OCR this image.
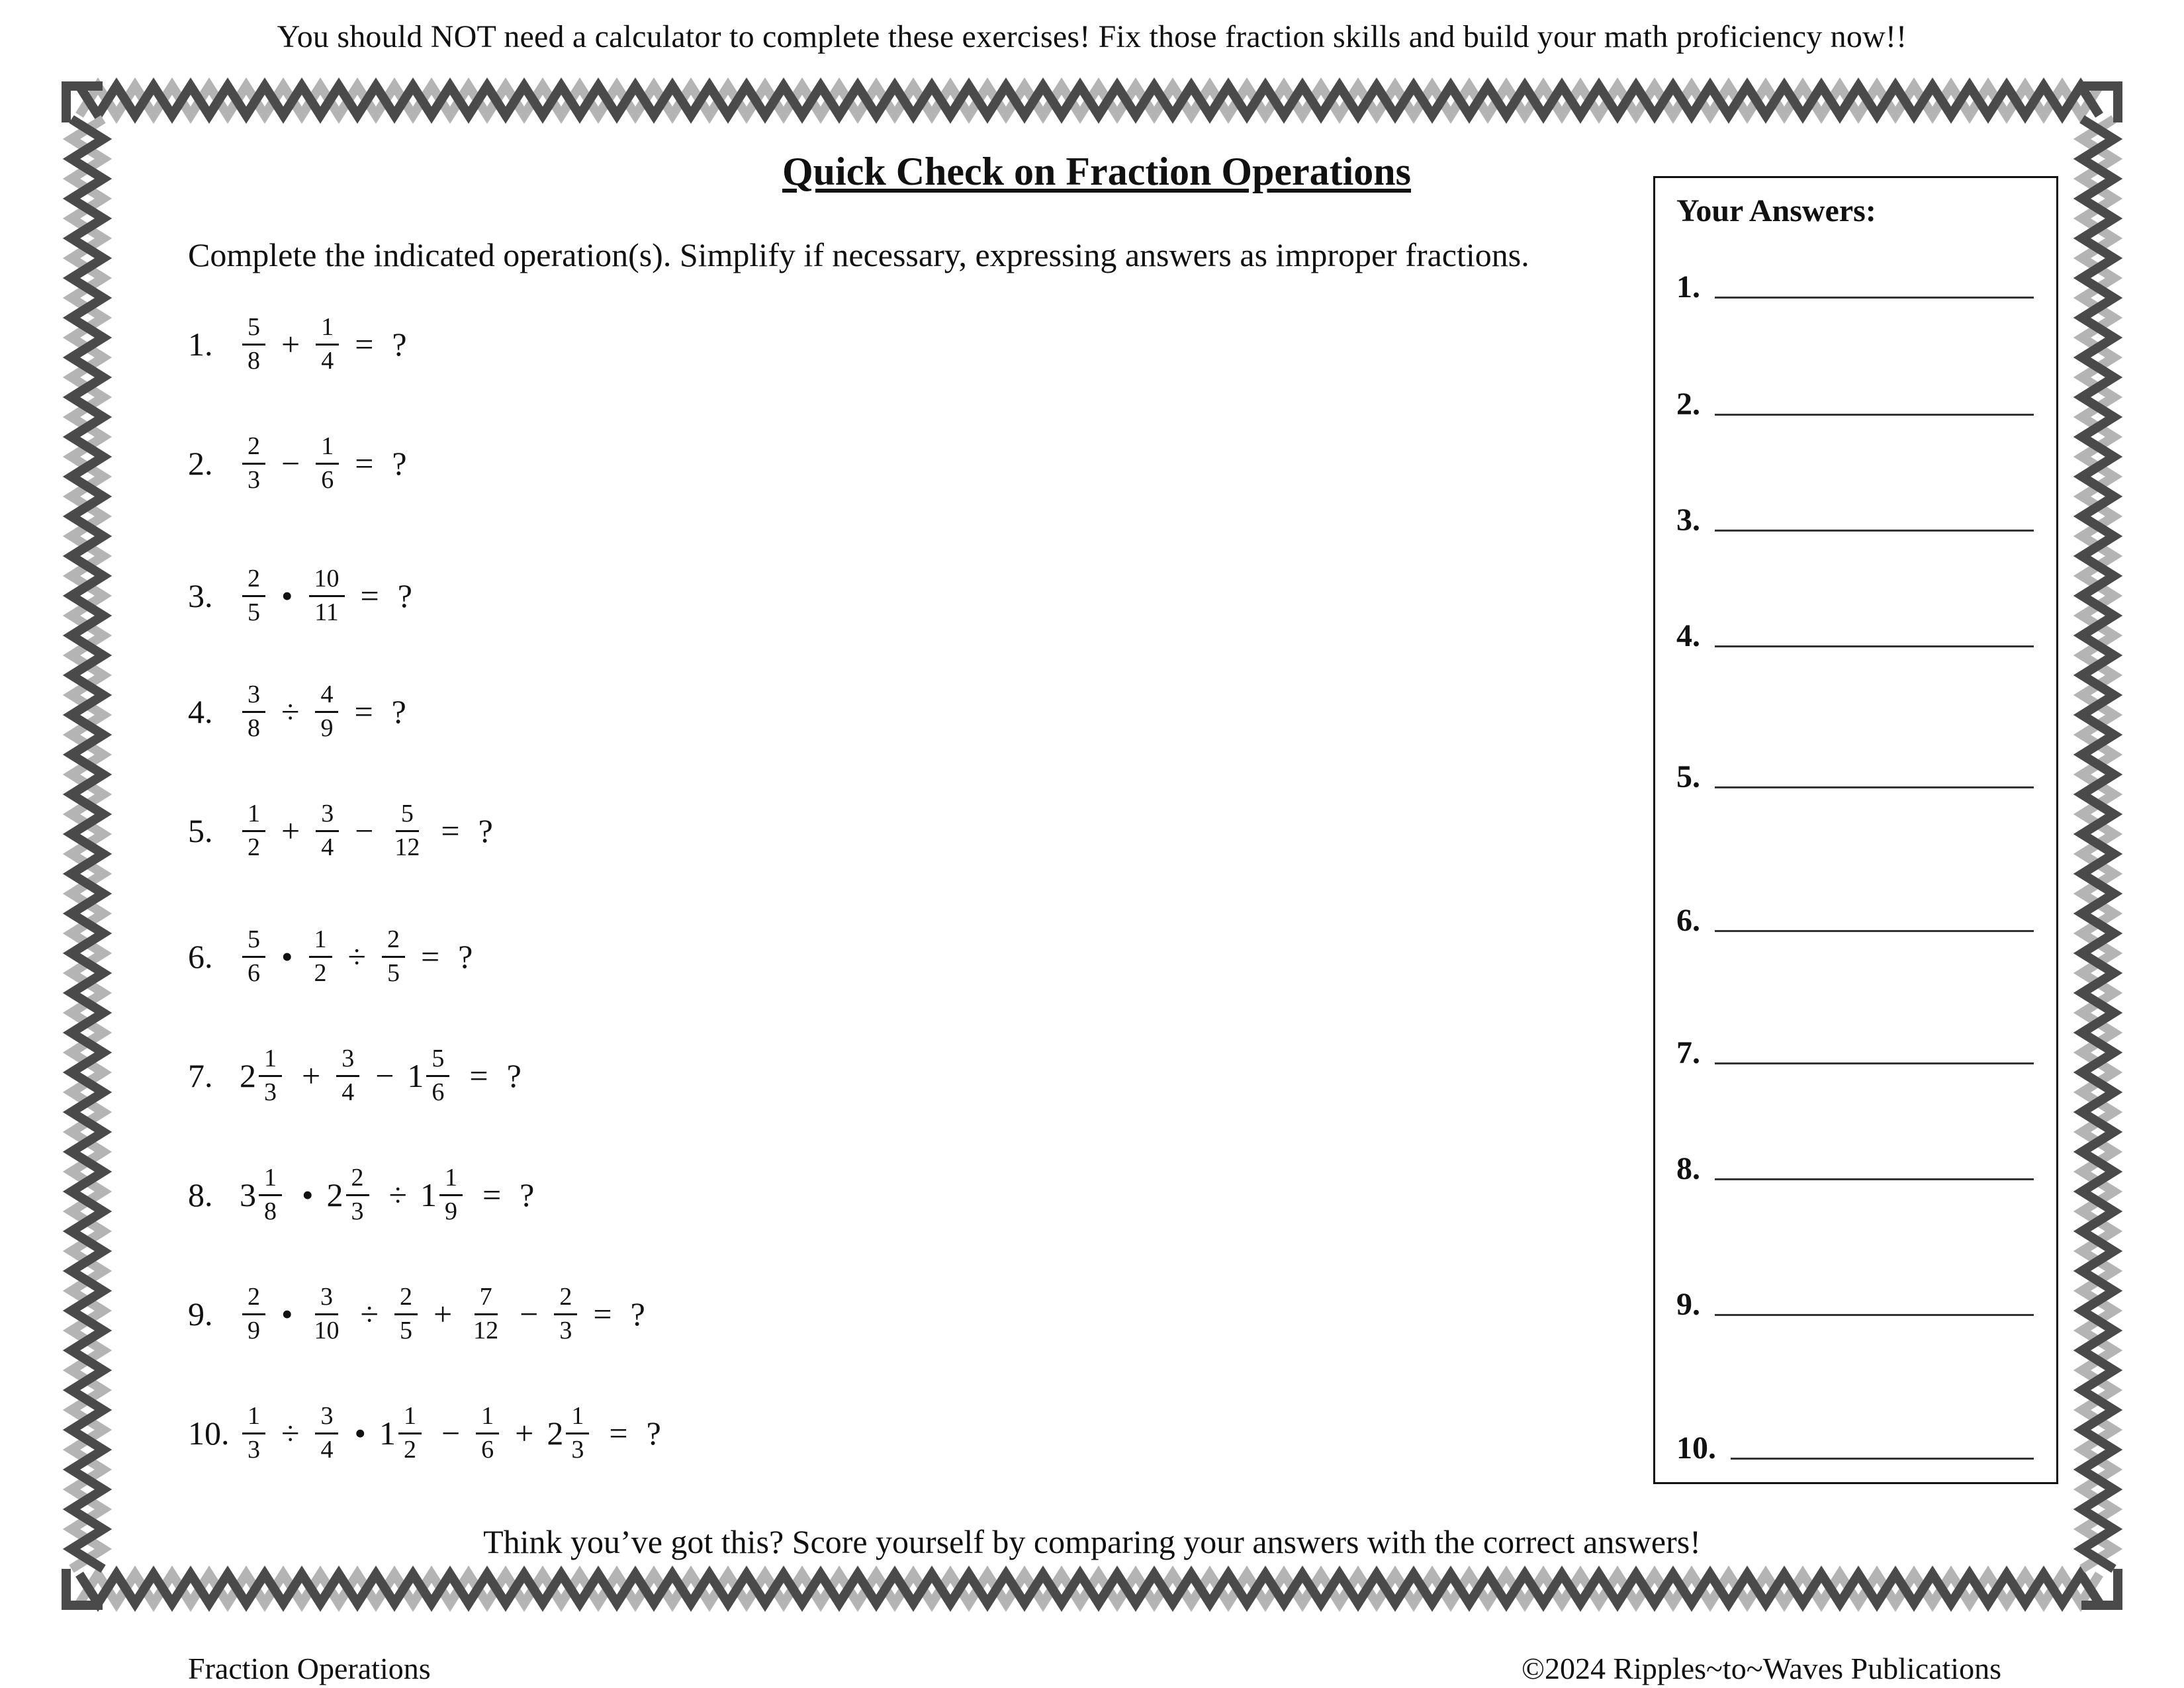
You should NOT need a calculator to complete these exercises! Fix those fraction skills and build your math proficiency now!!
Quick Check on Fraction Operations
Complete the indicated operation(s). Simplify if necessary, expressing answers as improper fractions.
1.	$\frac{5}{8} + \frac{1}{4}$ = ?
2.	$\frac{2}{3} - \frac{1}{6}$ = ?
3.	$\frac{2}{5}$ • $\frac{10}{11}$ = ?
4.	$\frac{3}{8} \div \frac{4}{9}$ = ?
5.	$\frac{1}{2} + \frac{3}{4} - \frac{5}{12}$ = ?
6.	$\frac{5}{6}$ • $\frac{1}{2} \div \frac{2}{5}$ = ?
7. $2 \frac{1}{3} + \frac{3}{4} - 1 \frac{5}{6}$ = ?
8. $3 \frac{1}{8}$ • $2 \frac{2}{3} \div 1 \frac{1}{9}$ = ?
9.	$\frac{2}{9}$ • $\frac{3}{10} \div \frac{2}{5} + \frac{7}{12} - \frac{2}{3}$ = ?
10. $\frac{1}{3} \div \frac{3}{4}$ • $1 \frac{1}{2} - \frac{1}{6} + 2 \frac{1}{3}$ = ?
Your Answers:
1.
2.
3.
4.
5.
6.
7.
8.
9.
10.
Think you’ve got this? Score yourself by comparing your answers with the correct answers!
Fraction Operations	©2024 Ripples~to~Waves Publications
